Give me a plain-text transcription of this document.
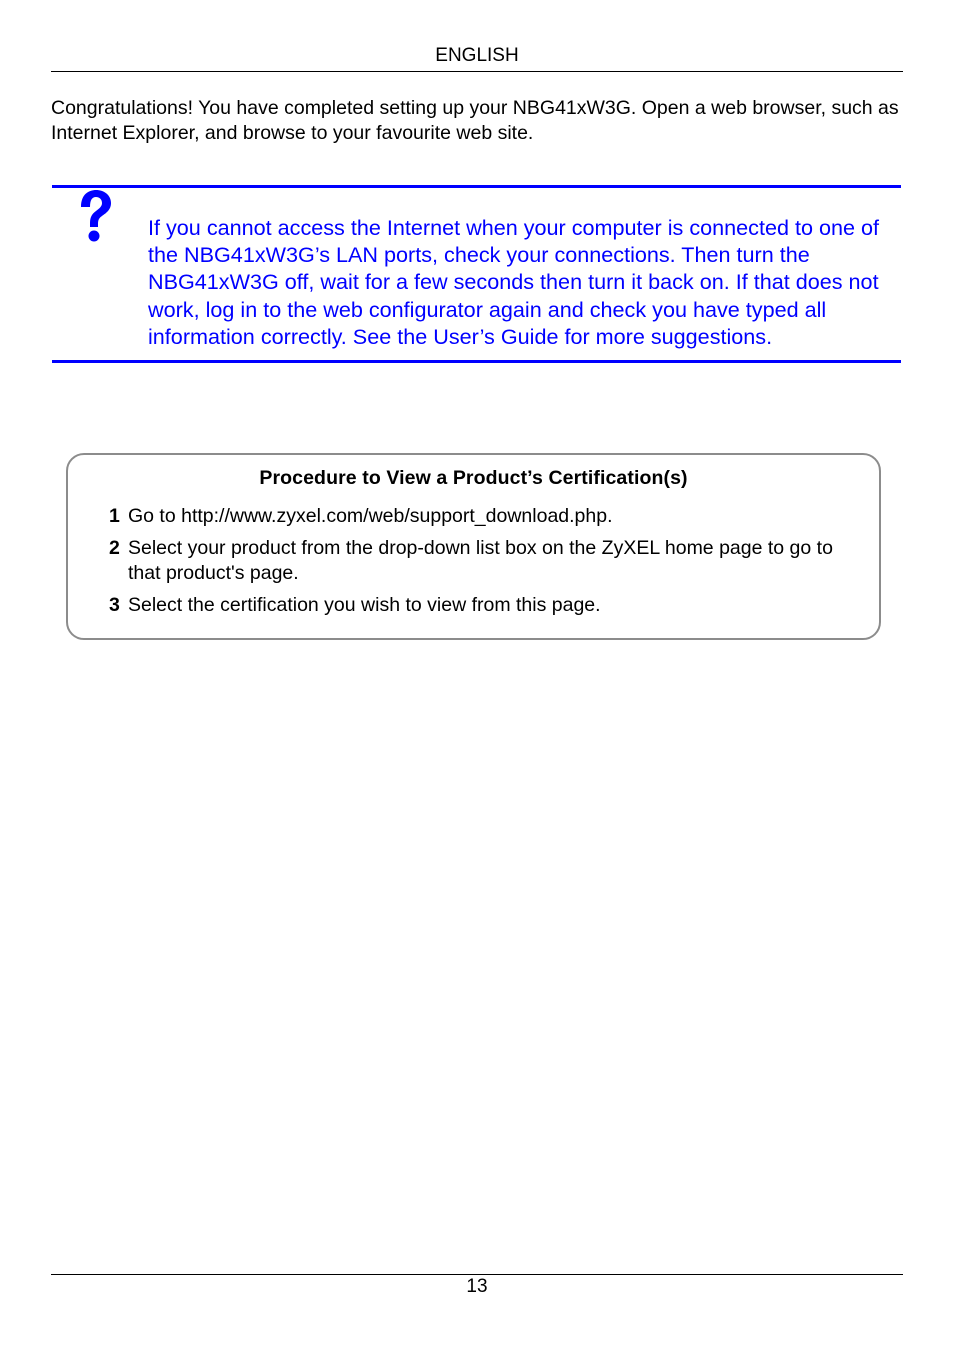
ENGLISH
Congratulations! You have completed setting up your NBG41xW3G. Open a web browser, such as Internet Explorer, and browse to your favourite web site.
If you cannot access the Internet when your computer is connected to one of the NBG41xW3G’s LAN ports, check your connections. Then turn the NBG41xW3G off, wait for a few seconds then turn it back on. If that does not work, log in to the web configurator again and check you have typed all information correctly. See the User’s Guide for more suggestions.
Procedure to View a Product’s Certification(s)
1 Go to http://www.zyxel.com/web/support_download.php.
2 Select your product from the drop-down list box on the ZyXEL home page to go to that product's page.
3 Select the certification you wish to view from this page.
13
